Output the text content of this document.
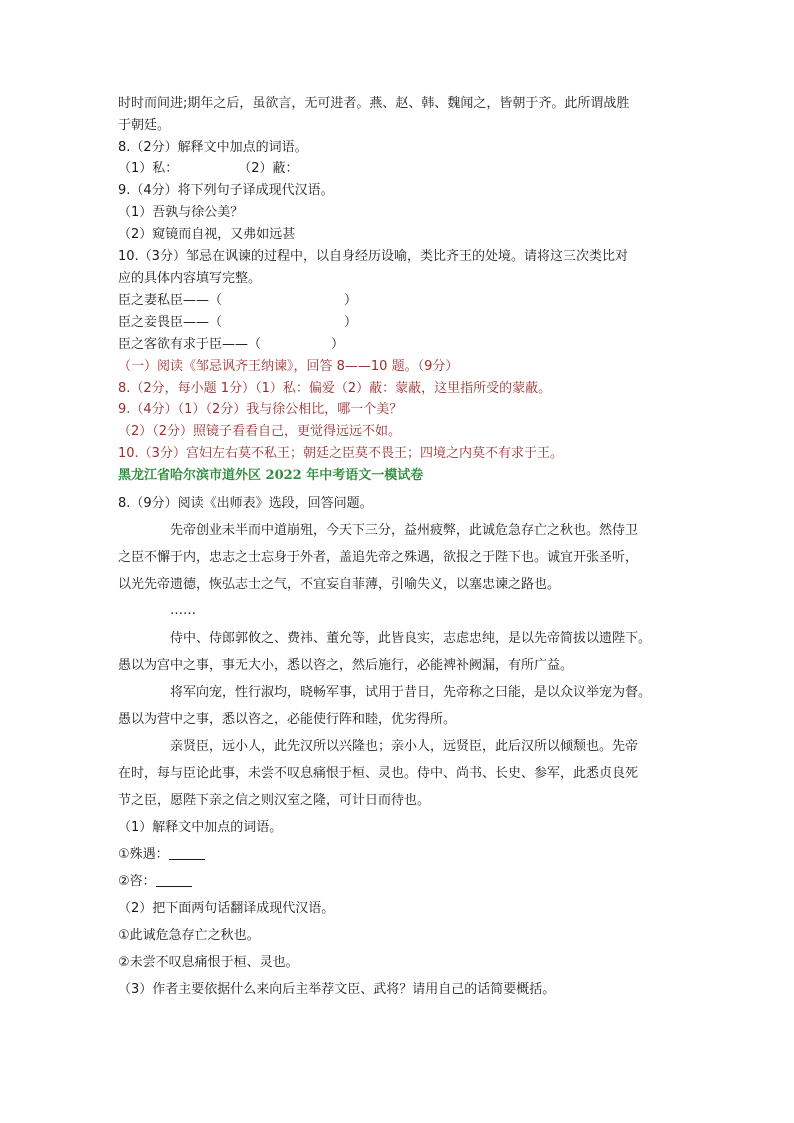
时时而间进;期年之后，虽欲言，无可进者。燕、赵、韩、魏闻之，皆朝于齐。此所谓战胜
于朝廷。
8.（2分）解释文中加点的词语。
（1）私：	（2）蔽：
9.（4分）将下列句子译成现代汉语。
（1）吾孰与徐公美？
（2）窥镜而自视，又弗如远甚
10.（3分）邹忌在讽谏的过程中，以自身经历设喻，类比齐王的处境。请将这三次类比对
应的具体内容填写完整。
臣之妻私臣——（	）
臣之妾畏臣——（	）
臣之客欲有求于臣——（	）
（一）阅读《邹忌讽齐王纳谏》，回答 8——10 题。（9分）
8.（2分，每小题 1分）（1）私：偏爱（2）蔽：蒙蔽，这里指所受的蒙蔽。
9.（4分）（1）（2分）我与徐公相比，哪一个美？
（2）（2分）照镜子看看自己，更觉得远远不如。
10.（3分）宫妇左右莫不私王；朝廷之臣莫不畏王；四境之内莫不有求于王。
黑龙江省哈尔滨市道外区 2022 年中考语文一模试卷
8.（9分）阅读《出师表》选段，回答问题。
先帝创业未半而中道崩殂，今天下三分，益州疲弊，此诚危急存亡之秋也。然侍卫
之臣不懈于内，忠志之士忘身于外者，盖追先帝之殊遇，欲报之于陛下也。诚宜开张圣听，
以光先帝遗德，恢弘志士之气，不宜妄自菲薄，引喻失义，以塞忠谏之路也。
……
侍中、侍郎郭攸之、费祎、董允等，此皆良实，志虑忠纯，是以先帝简拔以遗陛下。
愚以为宫中之事，事无大小，悉以咨之，然后施行，必能裨补阙漏，有所广益。
将军向宠，性行淑均，晓畅军事，试用于昔日，先帝称之曰能，是以众议举宠为督。
愚以为营中之事，悉以咨之，必能使行阵和睦，优劣得所。
亲贤臣，远小人，此先汉所以兴隆也；亲小人，远贤臣，此后汉所以倾颓也。先帝
在时，每与臣论此事，未尝不叹息痛恨于桓、灵也。侍中、尚书、长史、参军，此悉贞良死
节之臣，愿陛下亲之信之则汉室之隆，可计日而待也。
（1）解释文中加点的词语。
①殊遇：
②咨：
（2）把下面两句话翻译成现代汉语。
①此诚危急存亡之秋也。
②未尝不叹息痛恨于桓、灵也。
（3）作者主要依据什么来向后主举荐文臣、武将？请用自己的话简要概括。
